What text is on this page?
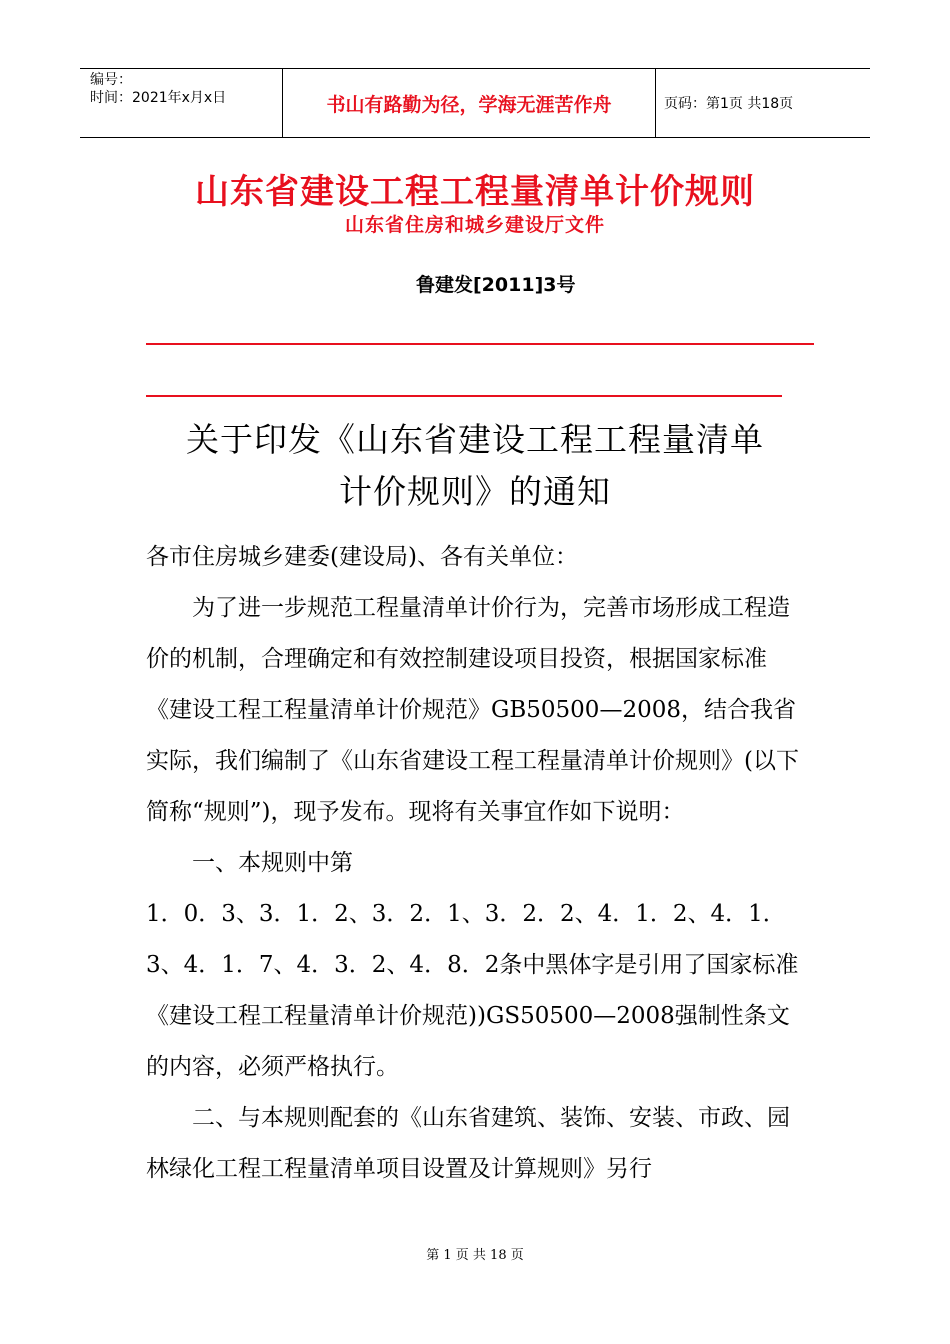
编号：
时间：2021年x月x日	书山有路勤为径，学海无涯苦作舟	页码：第1页 共18页
山东省建设工程工程量清单计价规则
山东省住房和城乡建设厅文件
鲁建发[2011]3号
关于印发《山东省建设工程工程量清单
计价规则》的通知

各市住房城乡建委(建设局)、各有关单位：

为了进一步规范工程量清单计价行为，完善市场形成工程造价的机制，合理确定和有效控制建设项目投资，根据国家标准《建设工程工程量清单计价规范》GB50500—2008，结合我省实际，我们编制了《山东省建设工程工程量清单计价规则》(以下简称“规则”)，现予发布。现将有关事宜作如下说明：

一、本规则中第

1．0．3、3．1．2、3．2．1、3．2．2、4．1．2、4．1．3、4．1．7、4．3．2、4．8．2条中黑体字是引用了国家标准《建设工程工程量清单计价规范))GS50500—2008强制性条文的内容，必须严格执行。

二、与本规则配套的《山东省建筑、装饰、安装、市政、园林绿化工程工程量清单项目设置及计算规则》另行

第 1 页 共 18 页
